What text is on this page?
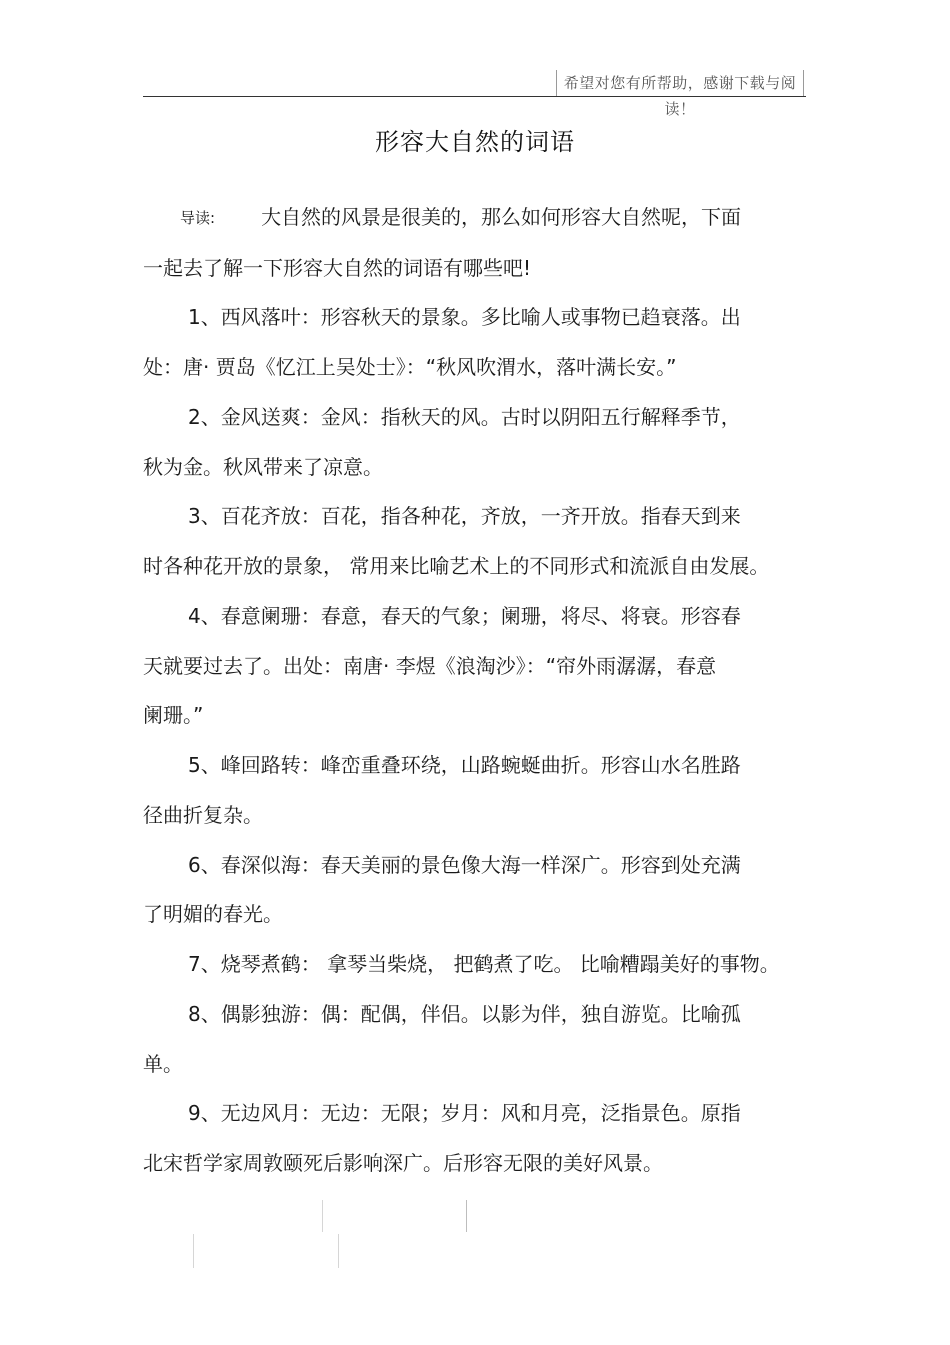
希望对您有所帮助，感谢下载与阅读！
形容大自然的词语
导读: 大自然的风景是很美的，那么如何形容大自然呢，下面
一起去了解一下形容大自然的词语有哪些吧!
1、西风落叶：形容秋天的景象。多比喻人或事物已趋衰落。出
处：唐· 贾岛《忆江上吴处士》：“秋风吹渭水，落叶满长安。”
2、金风送爽：金风：指秋天的风。古时以阴阳五行解释季节，
秋为金。秋风带来了凉意。
3、百花齐放：百花，指各种花，齐放，一齐开放。指春天到来
时各种花开放的景象， 常用来比喻艺术上的不同形式和流派自由发展。
4、春意阑珊：春意，春天的气象；阑珊，将尽、将衰。形容春
天就要过去了。出处：南唐· 李煜《浪淘沙》：“帘外雨潺潺，春意
阑珊。”
5、峰回路转：峰峦重叠环绕，山路蜿蜒曲折。形容山水名胜路
径曲折复杂。
6、春深似海：春天美丽的景色像大海一样深广。形容到处充满
了明媚的春光。
7、烧琴煮鹤： 拿琴当柴烧， 把鹤煮了吃。 比喻糟蹋美好的事物。
8、偶影独游：偶：配偶，伴侣。以影为伴，独自游览。比喻孤
单。
9、无边风月：无边：无限；岁月：风和月亮，泛指景色。原指
北宋哲学家周敦颐死后影响深广。后形容无限的美好风景。
